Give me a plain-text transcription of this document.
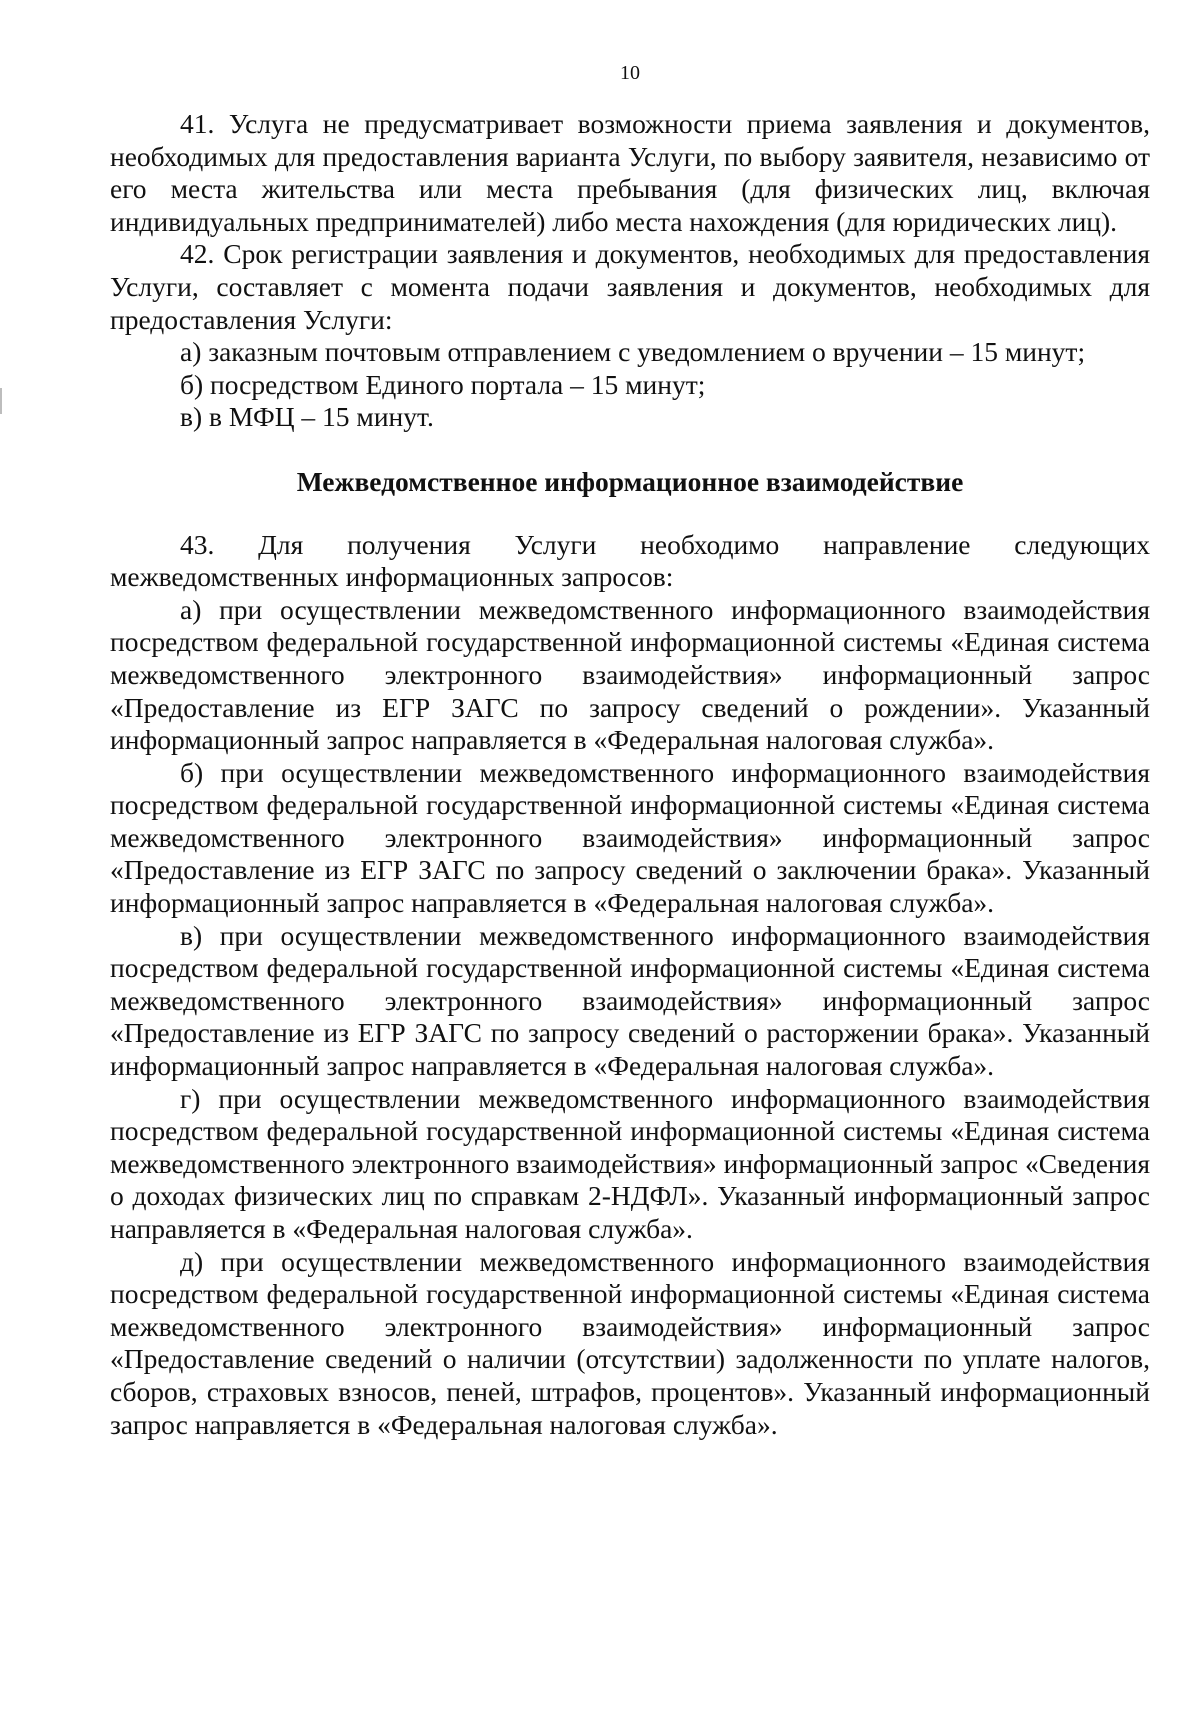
10

41. Услуга не предусматривает возможности приема заявления и документов, необходимых для предоставления варианта Услуги, по выбору заявителя, независимо от его места жительства или места пребывания (для физических лиц, включая индивидуальных предпринимателей) либо места нахождения (для юридических лиц).

42. Срок регистрации заявления и документов, необходимых для предоставления Услуги, составляет с момента подачи заявления и документов, необходимых для предоставления Услуги:

а) заказным почтовым отправлением с уведомлением о вручении – 15 минут;

б) посредством Единого портала – 15 минут;

в) в МФЦ – 15 минут.

Межведомственное информационное взаимодействие

43. Для получения Услуги необходимо направление следующих межведомственных информационных запросов:

а) при осуществлении межведомственного информационного взаимодействия посредством федеральной государственной информационной системы «Единая система межведомственного электронного взаимодействия» информационный запрос «Предоставление из ЕГР ЗАГС по запросу сведений о рождении». Указанный информационный запрос направляется в «Федеральная налоговая служба».

б) при осуществлении межведомственного информационного взаимодействия посредством федеральной государственной информационной системы «Единая система межведомственного электронного взаимодействия» информационный запрос «Предоставление из ЕГР ЗАГС по запросу сведений о заключении брака». Указанный информационный запрос направляется в «Федеральная налоговая служба».

в) при осуществлении межведомственного информационного взаимодействия посредством федеральной государственной информационной системы «Единая система межведомственного электронного взаимодействия» информационный запрос «Предоставление из ЕГР ЗАГС по запросу сведений о расторжении брака». Указанный информационный запрос направляется в «Федеральная налоговая служба».

г) при осуществлении межведомственного информационного взаимодействия посредством федеральной государственной информационной системы «Единая система межведомственного электронного взаимодействия» информационный запрос «Сведения о доходах физических лиц по справкам 2-НДФЛ». Указанный информационный запрос направляется в «Федеральная налоговая служба».

д) при осуществлении межведомственного информационного взаимодействия посредством федеральной государственной информационной системы «Единая система межведомственного электронного взаимодействия» информационный запрос «Предоставление сведений о наличии (отсутствии) задолженности по уплате налогов, сборов, страховых взносов, пеней, штрафов, процентов». Указанный информационный запрос направляется в «Федеральная налоговая служба».
